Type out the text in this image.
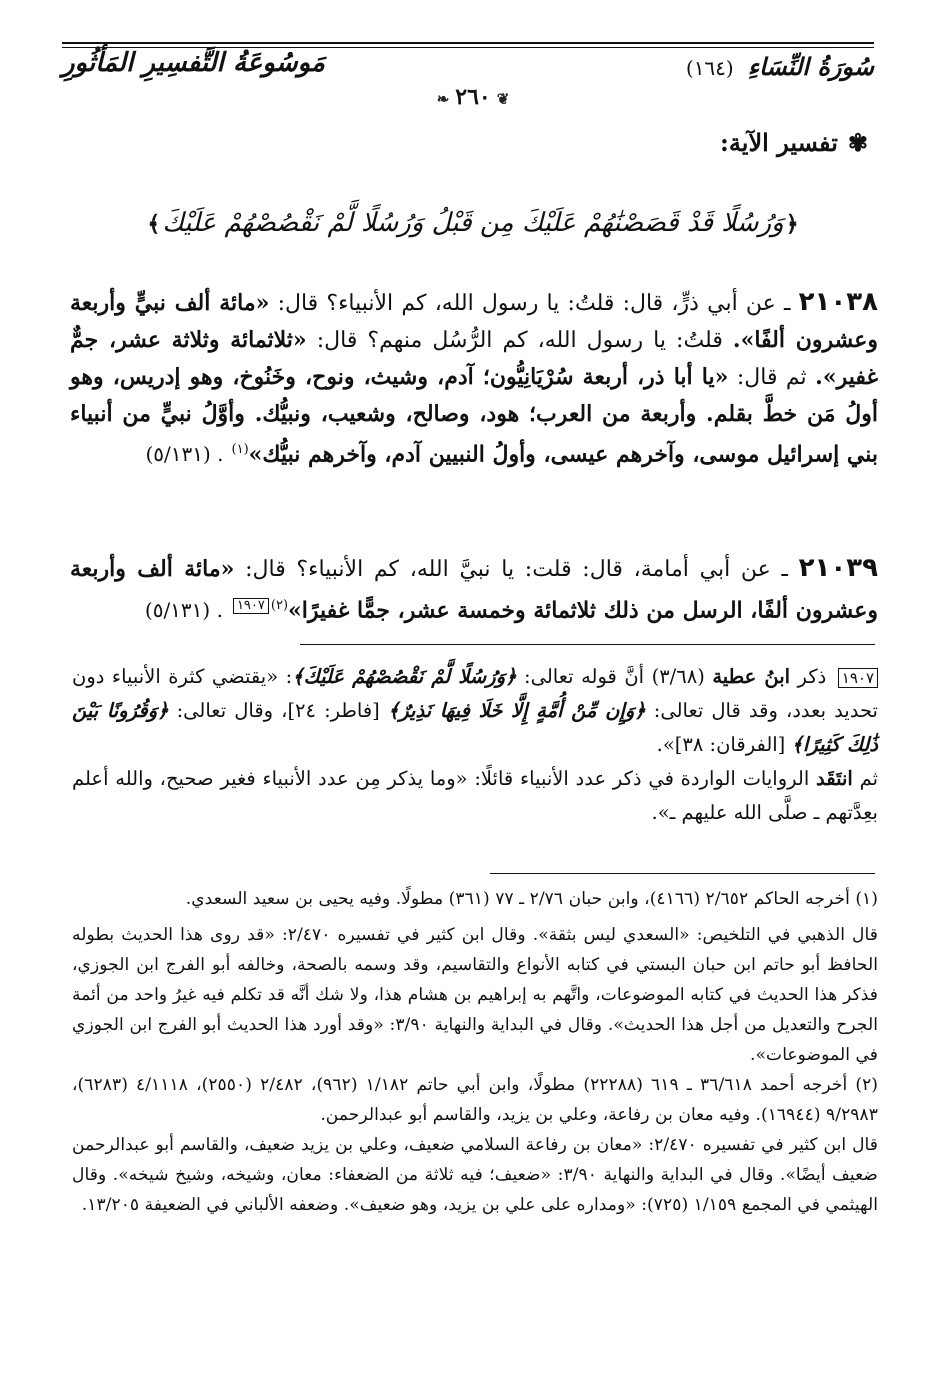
سُورَةُ النِّسَاءِ
(١٦٤)
مَوسُوعَةُ التَّفسِيرِ المَأثُورِ
❦٢٦٠❧
✾
تفسير الآية:
﴿وَرُسُلًا قَدْ قَصَصْنَٰهُمْ عَلَيْكَ مِن قَبْلُ وَرُسُلًا لَّمْ نَقْصُصْهُمْ عَلَيْكَ﴾
٢١٠٣٨ ـ عن أبي ذرٍّ، قال: قلتُ: يا رسول الله، كم الأنبياء؟ قال: «مائة ألف نبيٍّ وأربعة وعشرون ألفًا». قلتُ: يا رسول الله، كم الرُّسُل منهم؟ قال: «ثلاثمائة وثلاثة عشر، جمٌّ غفير». ثم قال: «يا أبا ذر، أربعة سُرْيَانِيُّون؛ آدم، وشيث، ونوح، وخَنُوخ، وهو إدريس، وهو أولُ مَن خطَّ بقلم. وأربعة من العرب؛ هود، وصالح، وشعيب، ونبيُّك. وأوَّلُ نبيٍّ من أنبياء بني إسرائيل موسى، وآخرهم عيسى، وأولُ النبيين آدم، وآخرهم نبيُّك»$^{(١)}$. (٥/١٣١)
٢١٠٣٩ ـ عن أبي أمامة، قال: قلت: يا نبيَّ الله، كم الأنبياء؟ قال: «مائة ألف وأربعة وعشرون ألفًا، الرسل من ذلك ثلاثمائة وخمسة عشر، جمًّا غفيرًا»$^{(٢)}$١٩٠٧. (٥/١٣١)
١٩٠٧ ذكر ابنُ عطية (٣/٦٨) أنَّ قوله تعالى: ﴿وَرُسُلًا لَّمْ نَقْصُصْهُمْ عَلَيْكَ﴾: «يقتضي كثرة الأنبياء دون تحديد بعدد، وقد قال تعالى: ﴿وَإِن مِّنْ أُمَّةٍ إِلَّا خَلَا فِيهَا نَذِيرٌ﴾ [فاطر: ٢٤]، وقال تعالى: ﴿وَقُرُونًا بَيْنَ ذَٰلِكَ كَثِيرًا﴾ [الفرقان: ٣٨]».
ثم انتَقَد الروايات الواردة في ذكر عدد الأنبياء قائلًا: «وما يذكر مِن عدد الأنبياء فغير صحيح، والله أعلم بعِدَّتهم ـ صلَّى الله عليهم ـ».

(١) أخرجه الحاكم ٢/٦٥٢ (٤١٦٦)، وابن حبان ٢/٧٦ ـ ٧٧ (٣٦١) مطولًا. وفيه يحيى بن سعيد السعدي.

قال الذهبي في التلخيص: «السعدي ليس بثقة». وقال ابن كثير في تفسيره ٢/٤٧٠: «قد روى هذا الحديث بطوله الحافظ أبو حاتم ابن حبان البستي في كتابه الأنواع والتقاسيم، وقد وسمه بالصحة، وخالفه أبو الفرج ابن الجوزي، فذكر هذا الحديث في كتابه الموضوعات، واتَّهم به إبراهيم بن هشام هذا، ولا شك أنَّه قد تكلم فيه غيرُ واحد من أئمة الجرح والتعديل من أجل هذا الحديث». وقال في البداية والنهاية ٣/٩٠: «وقد أورد هذا الحديث أبو الفرج ابن الجوزي في الموضوعات».

(٢) أخرجه أحمد ٣٦/٦١٨ ـ ٦١٩ (٢٢٢٨٨) مطولًا، وابن أبي حاتم ١/١٨٢ (٩٦٢)، ٢/٤٨٢ (٢٥٥٠)، ٤/١١١٨ (٦٢٨٣)، ٩/٢٩٨٣ (١٦٩٤٤). وفيه معان بن رفاعة، وعلي بن يزيد، والقاسم أبو عبدالرحمن.

قال ابن كثير في تفسيره ٢/٤٧٠: «معان بن رفاعة السلامي ضعيف، وعلي بن يزيد ضعيف، والقاسم أبو عبدالرحمن ضعيف أيضًا». وقال في البداية والنهاية ٣/٩٠: «ضعيف؛ فيه ثلاثة من الضعفاء: معان، وشيخه، وشيخ شيخه». وقال الهيثمي في المجمع ١/١٥٩ (٧٢٥): «ومداره على علي بن يزيد، وهو ضعيف». وضعفه الألباني في الضعيفة ١٣/٢٠٥.
